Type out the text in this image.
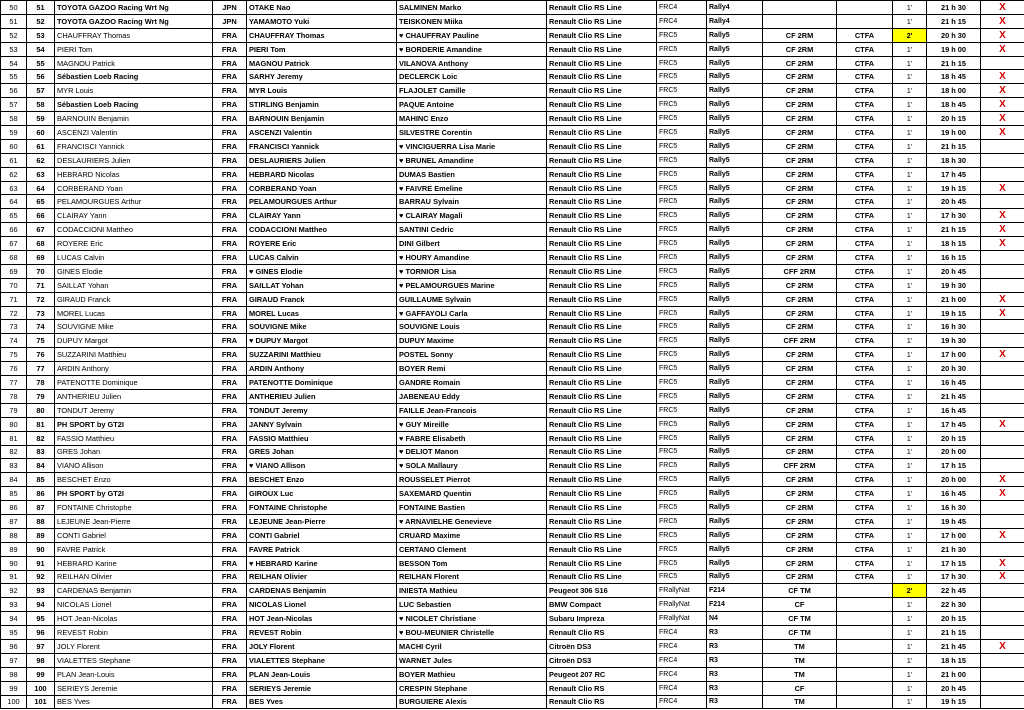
50	51	TOYOTA GAZOO Racing Wrt Ng	JPN	OTAKE Nao	SALMINEN Marko	Renault Clio RS Line	FRC4	Rally4			1'	21 h 30	X
51	52	TOYOTA GAZOO Racing Wrt Ng	JPN	YAMAMOTO Yuki	TEISKONEN Miika	Renault Clio RS Line	FRC4	Rally4			1'	21 h 15	X
52	53	CHAUFFRAY Thomas	FRA	CHAUFFRAY Thomas	♥ CHAUFFRAY Pauline	Renault Clio RS Line	FRC5	Rally5	CF 2RM	CTFA	2'	20 h 30	X
53	54	PIERI Tom	FRA	PIERI Tom	♥ BORDERIE Amandine	Renault Clio RS Line	FRC5	Rally5	CF 2RM	CTFA	1'	19 h 00	X
54	55	MAGNOU Patrick	FRA	MAGNOU Patrick	VILANOVA Anthony	Renault Clio RS Line	FRC5	Rally5	CF 2RM	CTFA	1'	21 h 15	
55	56	Sébastien Loeb Racing	FRA	SARHY Jeremy	DECLERCK Loic	Renault Clio RS Line	FRC5	Rally5	CF 2RM	CTFA	1'	18 h 45	X
56	57	MYR Louis	FRA	MYR Louis	FLAJOLET Camille	Renault Clio RS Line	FRC5	Rally5	CF 2RM	CTFA	1'	18 h 00	X
57	58	Sébastien Loeb Racing	FRA	STIRLING Benjamin	PAQUE Antoine	Renault Clio RS Line	FRC5	Rally5	CF 2RM	CTFA	1'	18 h 45	X
58	59	BARNOUIN Benjamin	FRA	BARNOUIN Benjamin	MAHINC Enzo	Renault Clio RS Line	FRC5	Rally5	CF 2RM	CTFA	1'	20 h 15	X
59	60	ASCENZI Valentin	FRA	ASCENZI Valentin	SILVESTRE Corentin	Renault Clio RS Line	FRC5	Rally5	CF 2RM	CTFA	1'	19 h 00	X
60	61	FRANCISCI Yannick	FRA	FRANCISCI Yannick	♥ VINCIGUERRA Lisa Marie	Renault Clio RS Line	FRC5	Rally5	CF 2RM	CTFA	1'	21 h 15	
61	62	DESLAURIERS Julien	FRA	DESLAURIERS Julien	♥ BRUNEL Amandine	Renault Clio RS Line	FRC5	Rally5	CF 2RM	CTFA	1'	18 h 30	
62	63	HEBRARD Nicolas	FRA	HEBRARD Nicolas	DUMAS Bastien	Renault Clio RS Line	FRC5	Rally5	CF 2RM	CTFA	1'	17 h 45	
63	64	CORBERAND Yoan	FRA	CORBERAND Yoan	♥ FAIVRE Emeline	Renault Clio RS Line	FRC5	Rally5	CF 2RM	CTFA	1'	19 h 15	X
64	65	PELAMOURGUES Arthur	FRA	PELAMOURGUES Arthur	BARRAU Sylvain	Renault Clio RS Line	FRC5	Rally5	CF 2RM	CTFA	1'	20 h 45	
65	66	CLAIRAY Yann	FRA	CLAIRAY Yann	♥ CLAIRAY Magali	Renault Clio RS Line	FRC5	Rally5	CF 2RM	CTFA	1'	17 h 30	X
66	67	CODACCIONI Mattheo	FRA	CODACCIONI Mattheo	SANTINI Cedric	Renault Clio RS Line	FRC5	Rally5	CF 2RM	CTFA	1'	21 h 15	X
67	68	ROYERE Eric	FRA	ROYERE Eric	DINI Gilbert	Renault Clio RS Line	FRC5	Rally5	CF 2RM	CTFA	1'	18 h 15	X
68	69	LUCAS Calvin	FRA	LUCAS Calvin	♥ HOURY Amandine	Renault Clio RS Line	FRC5	Rally5	CF 2RM	CTFA	1'	16 h 15	
69	70	GINES Elodie	FRA	♥ GINES Elodie	♥ TORNIOR Lisa	Renault Clio RS Line	FRC5	Rally5	CFF 2RM	CTFA	1'	20 h 45	
70	71	SAILLAT Yohan	FRA	SAILLAT Yohan	♥ PELAMOURGUES Marine	Renault Clio RS Line	FRC5	Rally5	CF 2RM	CTFA	1'	19 h 30	
71	72	GIRAUD Franck	FRA	GIRAUD Franck	GUILLAUME Sylvain	Renault Clio RS Line	FRC5	Rally5	CF 2RM	CTFA	1'	21 h 00	X
72	73	MOREL Lucas	FRA	MOREL Lucas	♥ GAFFAYOLI Carla	Renault Clio RS Line	FRC5	Rally5	CF 2RM	CTFA	1'	19 h 15	X
73	74	SOUVIGNE Mike	FRA	SOUVIGNE Mike	SOUVIGNE Louis	Renault Clio RS Line	FRC5	Rally5	CF 2RM	CTFA	1'	16 h 30	
74	75	DUPUY Margot	FRA	♥ DUPUY Margot	DUPUY Maxime	Renault Clio RS Line	FRC5	Rally5	CFF 2RM	CTFA	1'	19 h 30	
75	76	SUZZARINI Matthieu	FRA	SUZZARINI Matthieu	POSTEL Sonny	Renault Clio RS Line	FRC5	Rally5	CF 2RM	CTFA	1'	17 h 00	X
76	77	ARDIN Anthony	FRA	ARDIN Anthony	BOYER Remi	Renault Clio RS Line	FRC5	Rally5	CF 2RM	CTFA	1'	20 h 30	
77	78	PATENOTTE Dominique	FRA	PATENOTTE Dominique	GANDRE Romain	Renault Clio RS Line	FRC5	Rally5	CF 2RM	CTFA	1'	16 h 45	
78	79	ANTHERIEU Julien	FRA	ANTHERIEU Julien	JABENEAU Eddy	Renault Clio RS Line	FRC5	Rally5	CF 2RM	CTFA	1'	21 h 45	
79	80	TONDUT Jeremy	FRA	TONDUT Jeremy	FAILLE Jean-Francois	Renault Clio RS Line	FRC5	Rally5	CF 2RM	CTFA	1'	16 h 45	
80	81	PH SPORT by GT2I	FRA	JANNY Sylvain	♥ GUY Mireille	Renault Clio RS Line	FRC5	Rally5	CF 2RM	CTFA	1'	17 h 45	X
81	82	FASSIO Matthieu	FRA	FASSIO Matthieu	♥ FABRE Elisabeth	Renault Clio RS Line	FRC5	Rally5	CF 2RM	CTFA	1'	20 h 15	
82	83	GRES Johan	FRA	GRES Johan	♥ DELIOT Manon	Renault Clio RS Line	FRC5	Rally5	CF 2RM	CTFA	1'	20 h 00	
83	84	VIANO Allison	FRA	♥ VIANO Allison	♥ SOLA Mallaury	Renault Clio RS Line	FRC5	Rally5	CFF 2RM	CTFA	1'	17 h 15	
84	85	BESCHET Enzo	FRA	BESCHET Enzo	ROUSSELET Pierrot	Renault Clio RS Line	FRC5	Rally5	CF 2RM	CTFA	1'	20 h 00	X
85	86	PH SPORT by GT2I	FRA	GIROUX Luc	SAXEMARD Quentin	Renault Clio RS Line	FRC5	Rally5	CF 2RM	CTFA	1'	16 h 45	X
86	87	FONTAINE Christophe	FRA	FONTAINE Christophe	FONTAINE Bastien	Renault Clio RS Line	FRC5	Rally5	CF 2RM	CTFA	1'	16 h 30	
87	88	LEJEUNE Jean-Pierre	FRA	LEJEUNE Jean-Pierre	♥ ARNAVIELHE Genevieve	Renault Clio RS Line	FRC5	Rally5	CF 2RM	CTFA	1'	19 h 45	
88	89	CONTI Gabriel	FRA	CONTI Gabriel	CRUARD Maxime	Renault Clio RS Line	FRC5	Rally5	CF 2RM	CTFA	1'	17 h 00	X
89	90	FAVRE Patrick	FRA	FAVRE Patrick	CERTANO Clement	Renault Clio RS Line	FRC5	Rally5	CF 2RM	CTFA	1'	21 h 30	
90	91	HEBRARD Karine	FRA	♥ HEBRARD Karine	BESSON Tom	Renault Clio RS Line	FRC5	Rally5	CF 2RM	CTFA	1'	17 h 15	X
91	92	REILHAN Olivier	FRA	REILHAN Olivier	REILHAN Florent	Renault Clio RS Line	FRC5	Rally5	CF 2RM	CTFA	1'	17 h 30	X
92	93	CARDENAS Benjamin	FRA	CARDENAS Benjamin	INIESTA Mathieu	Peugeot 306 S16	FRallyNat	F214	CF TM		2'	22 h 45	
93	94	NICOLAS Lionel	FRA	NICOLAS Lionel	LUC Sebastien	BMW Compact	FRallyNat	F214	CF		1'	22 h 30	
94	95	HOT Jean-Nicolas	FRA	HOT Jean-Nicolas	♥ NICOLET Christiane	Subaru Impreza	FRallyNat	N4	CF TM		1'	20 h 15	
95	96	REVEST Robin	FRA	REVEST Robin	♥ BOU-MEUNIER Christelle	Renault Clio RS	FRC4	R3	CF TM		1'	21 h 15	
96	97	JOLY Florent	FRA	JOLY Florent	MACHI Cyril	Citroën DS3	FRC4	R3	TM		1'	21 h 45	X
97	98	VIALETTES Stephane	FRA	VIALETTES Stephane	WARNET Jules	Citroën DS3	FRC4	R3	TM		1'	18 h 15	
98	99	PLAN Jean-Louis	FRA	PLAN Jean-Louis	BOYER Mathieu	Peugeot 207 RC	FRC4	R3	TM		1'	21 h 00	
99	100	SERIEYS Jeremie	FRA	SERIEYS Jeremie	CRESPIN Stephane	Renault Clio RS	FRC4	R3	CF		1'	20 h 45	
100	101	BES Yves	FRA	BES Yves	BURGUIERE Alexis	Renault Clio RS	FRC4	R3	TM		1'	19 h 15	
